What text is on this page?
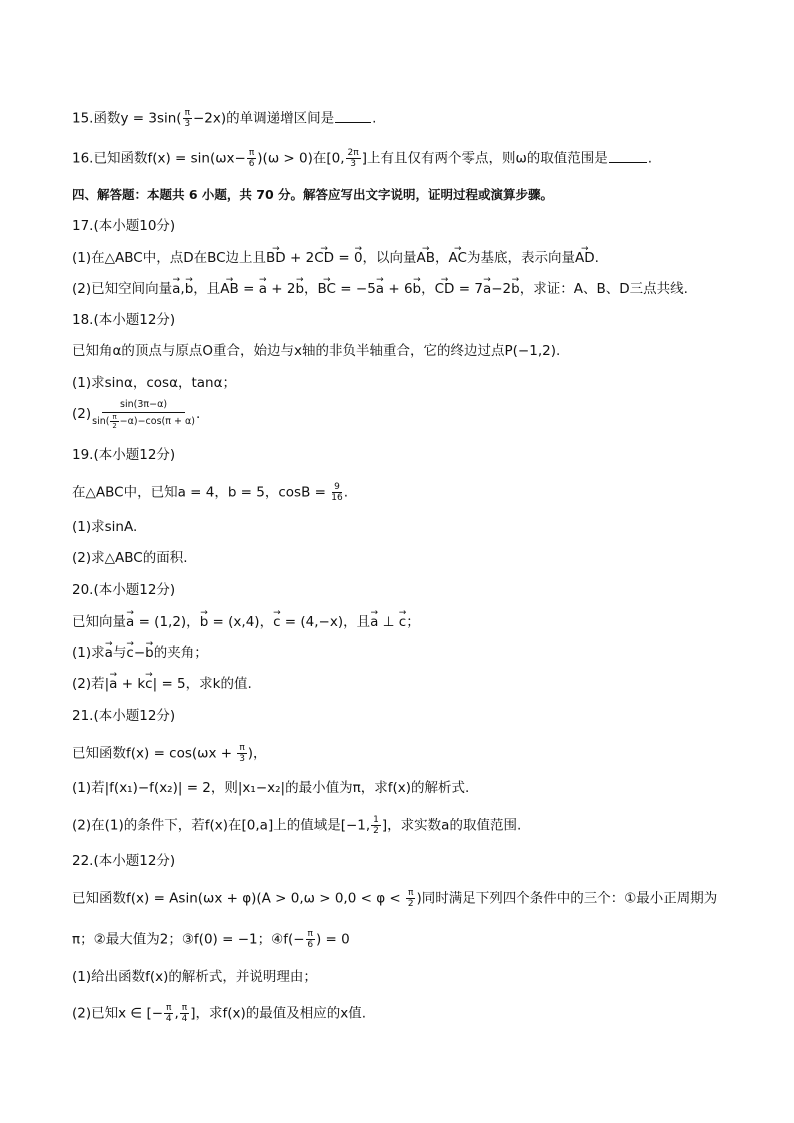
15.函数$y = 3\sin( \frac{\pi}{3} -2x)$的单调递增区间是	.
16.已知函数$f(x) = \sin(\omega x- \frac{\pi}{6} )(\omega > 0)$在[0, $\frac{2\pi}{3}$ ]上有且仅有两个零点，则ω的取值范围是	.
四、解答题：本题共 6 小题，共 70 分。解答应写出文字说明，证明过程或演算步骤。
17.(本小题10分)
(1)在△ABC中，点D在BC边上且→ BD + 2→ CD = → 0，以向量→ AB，→ AC为基底，表示向量→ AD.
(2)已知空间向量→ a,→ b，且→ AB = → a + 2→ b，→ BC = −5→ a + 6→ b，→ CD = 7→ a−2→ b，求证：A、B、D三点共线.
18.(本小题12分)
已知角α的顶点与原点O重合，始边与x轴的非负半轴重合，它的终边过点P(−1,2).
(1)求sinα，cosα，tanα；
$(2) \frac{\sin(3\pi-\alpha)}{\sin( \frac{\pi}{2} -\alpha)-\cos(\pi + \alpha)}$ .
19.(本小题12分)
在△ABC中，已知a = 4，b = 5，$\cos B = \frac{9}{16}$ .
(1)求sinA.
(2)求△ABC的面积.
20.(本小题12分)
已知向量→ a = (1,2)，→ b = (x,4)，→ c = (4,−x)，且→ a ⊥ → c；
(1)求→ a与→ c−→ b的夹角；
(2)若|→ a + k→ c| = 5，求k的值.
21.(本小题12分)
已知函数$f(x) = \cos(\omega x + \frac{\pi}{3}$ )，
(1)若|f(x₁)−f(x₂)| = 2，则|x₁−x₂|的最小值为π，求f(x)的解析式.
(2)在(1)的条件下，若f(x)在[0,a]上的值域是[−1, $\frac{1}{2}$ ]，求实数a的取值范围.
22.(本小题12分)
已知函数$f(x) = Asin(\omega x + \varphi)(A > 0,\omega > 0,0 < \varphi < \frac{\pi}{2}$ )同时满足下列四个条件中的三个：①最小正周期为
π；②最大值为2；③f(0) = −1；④f(− $\frac{\pi}{6}$ ) = 0
(1)给出函数f(x)的解析式，并说明理由；
(2)已知x ∈ [− $\frac{\pi}{4}$ , $\frac{\pi}{4}$ ]，求f(x)的最值及相应的x值.
